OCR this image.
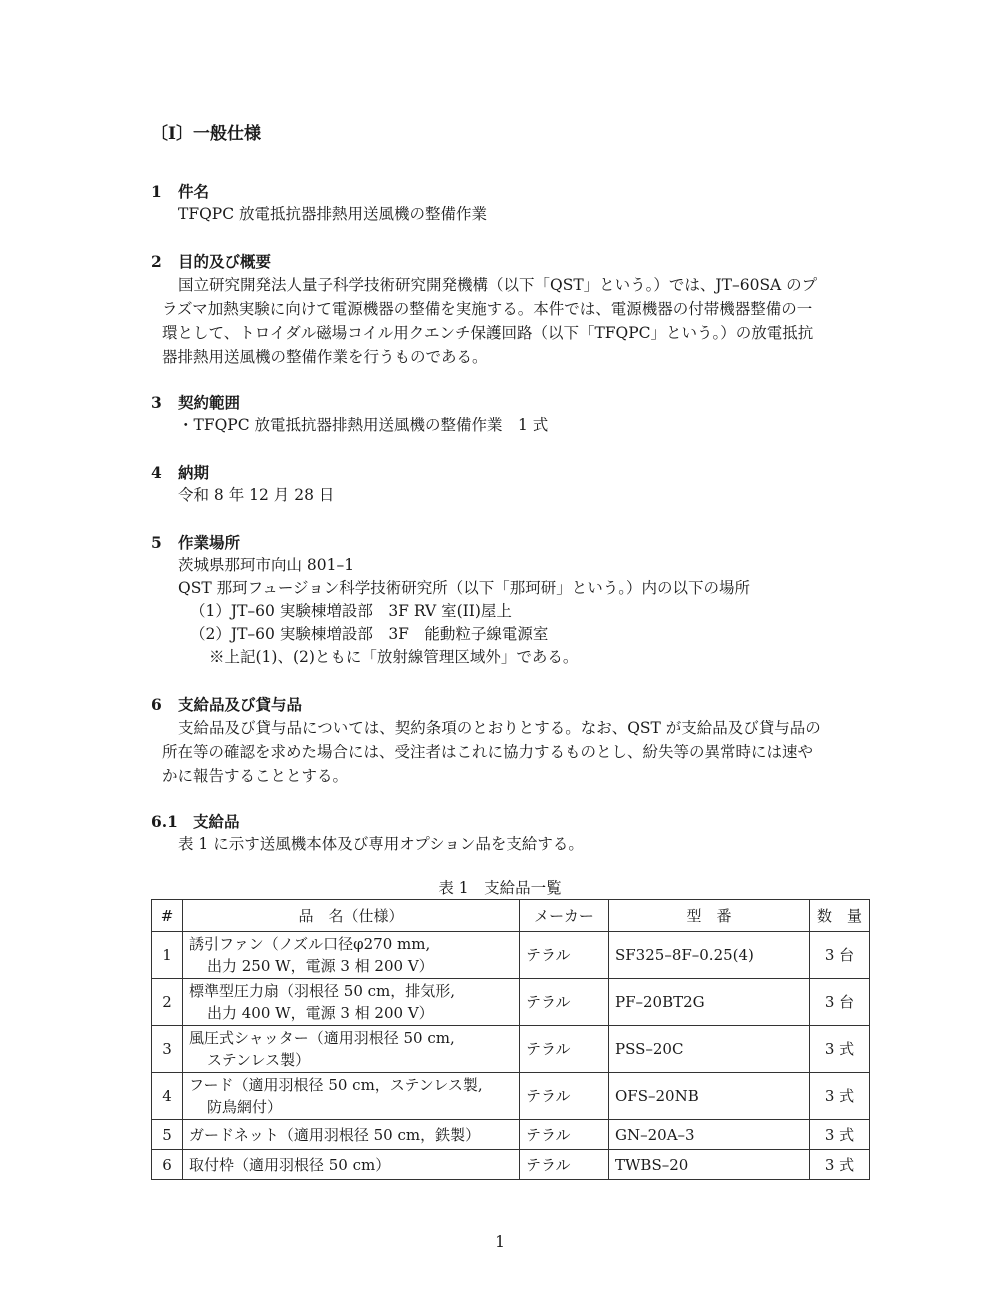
〔Ⅰ〕一般仕様
1 件名
TFQPC 放電抵抗器排熱用送風機の整備作業
2 目的及び概要
国立研究開発法人量子科学技術研究開発機構（以下「QST」という。）では、JT–60SA のプ
ラズマ加熱実験に向けて電源機器の整備を実施する。本件では、電源機器の付帯機器整備の一
環として、トロイダル磁場コイル用クエンチ保護回路（以下「TFQPC」という。）の放電抵抗
器排熱用送風機の整備作業を行うものである。
3 契約範囲
・TFQPC 放電抵抗器排熱用送風機の整備作業　1 式
4 納期
令和 8 年 12 月 28 日
5 作業場所
茨城県那珂市向山 801–1
QST 那珂フュージョン科学技術研究所（以下「那珂研」という。）内の以下の場所
（1）JT–60 実験棟増設部　3F RV 室(II)屋上
（2）JT–60 実験棟増設部　3F　能動粒子線電源室
※上記(1)、(2)ともに「放射線管理区域外」である。
6 支給品及び貸与品
支給品及び貸与品については、契約条項のとおりとする。なお、QST が支給品及び貸与品の
所在等の確認を求めた場合には、受注者はこれに協力するものとし、紛失等の異常時には速や
かに報告することとする。
6.1 支給品
表 1 に示す送風機本体及び専用オプション品を支給する。
表 1　支給品一覧
#	品　名（仕様）	メーカー	型　番	数　量
1	誘引ファン（ノズル口径φ270 mm,
出力 250 W，電源 3 相 200 V）	テラル	SF325–8F–0.25(4)	3 台
2	標準型圧力扇（羽根径 50 cm，排気形,
出力 400 W，電源 3 相 200 V）	テラル	PF–20BT2G	3 台
3	風圧式シャッター（適用羽根径 50 cm,
ステンレス製）	テラル	PSS–20C	3 式
4	フード（適用羽根径 50 cm，ステンレス製,
防鳥網付）	テラル	OFS–20NB	3 式
5	ガードネット（適用羽根径 50 cm，鉄製）	テラル	GN–20A–3	3 式
6	取付枠（適用羽根径 50 cm）	テラル	TWBS–20	3 式
1
